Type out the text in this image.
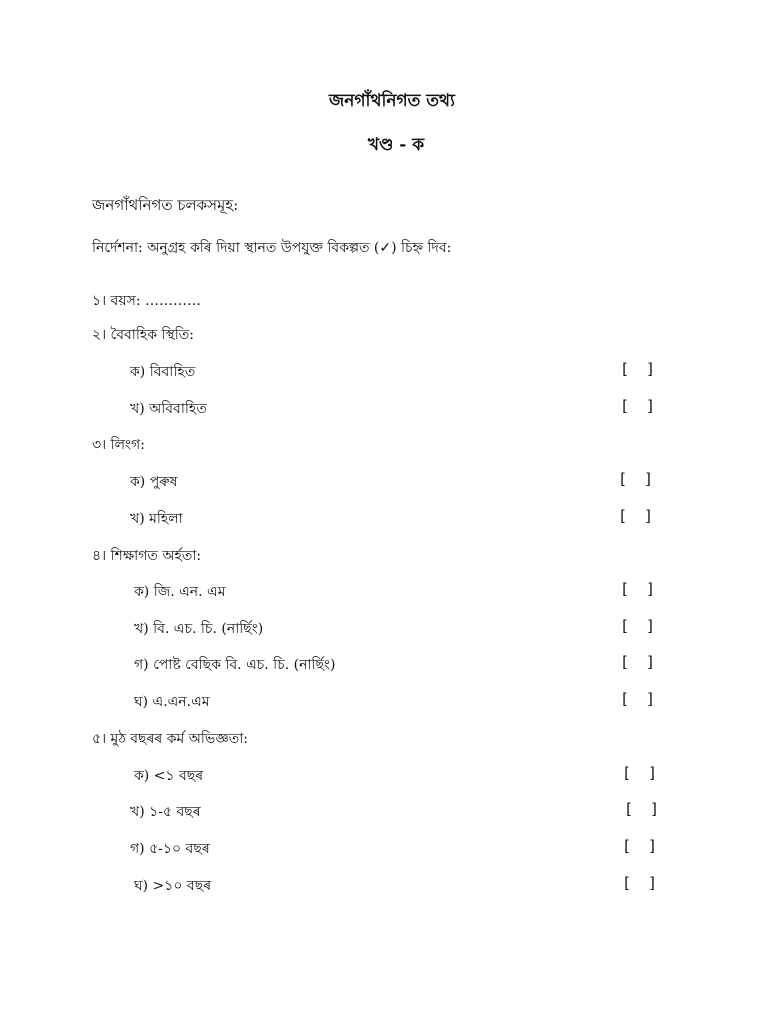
জনগাঁথনিগত তথ্য
খণ্ড - ক
জনগাঁথনিগত চলকসমূহ:
নির্দেশনা: অনুগ্ৰহ কৰি দিয়া স্থানত উপযুক্ত বিকল্পত (✓) চিহ্ন দিব:
১। বয়স: …………
২। বৈবাহিক স্থিতি:
ক) বিবাহিত	[ ]
খ) অবিবাহিত	[ ]
৩। লিংগ:
ক) পুৰুষ	[ ]
খ) মহিলা	[ ]
৪। শিক্ষাগত অৰ্হতা:
ক) জি. এন. এম	[ ]
খ) বি. এচ. চি. (নাৰ্ছিং)	[ ]
গ) পোষ্ট বেছিক বি. এচ. চি. (নাৰ্ছিং)	[ ]
ঘ) এ.এন.এম	[ ]
৫। মুঠ বছৰৰ কৰ্ম অভিজ্ঞতা:
ক) <১ বছৰ	[ ]
খ) ১-৫ বছৰ	[ ]
গ) ৫-১০ বছৰ	[ ]
ঘ) >১০ বছৰ	[ ]
